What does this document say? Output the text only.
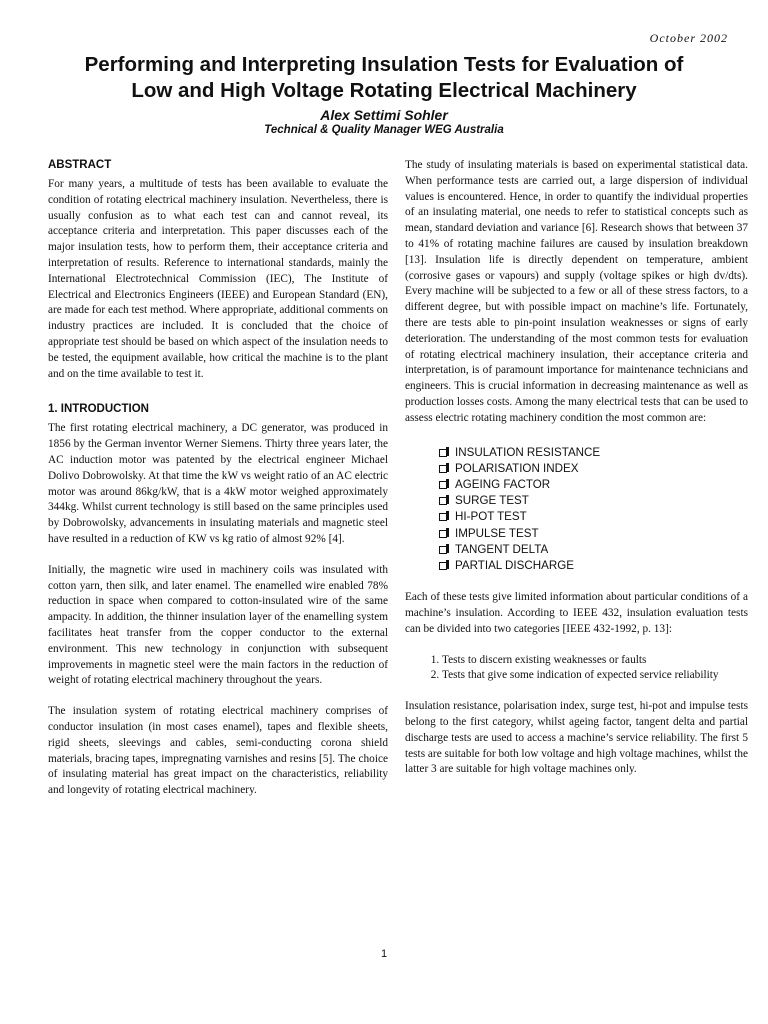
October 2002
Performing and Interpreting Insulation Tests for Evaluation of
Low and High Voltage Rotating Electrical Machinery
Alex Settimi Sohler
Technical & Quality Manager WEG Australia
ABSTRACT

For many years, a multitude of tests has been available to evaluate the condition of rotating electrical machinery insulation. Nevertheless, there is usually confusion as to what each test can and cannot reveal, its acceptance criteria and interpretation. This paper discusses each of the major insulation tests, how to perform them, their acceptance criteria and interpretation of results. Reference to international standards, mainly the International Electrotechnical Commission (IEC), The Institute of Electrical and Electronics Engineers (IEEE) and European Standard (EN), are made for each test method. Where appropriate, additional comments on industry practices are included. It is concluded that the choice of appropriate test should be based on which aspect of the insulation needs to be tested, the equipment available, how critical the machine is to the plant and on the time available to test it.

1. INTRODUCTION

The first rotating electrical machinery, a DC generator, was produced in 1856 by the German inventor Werner Siemens. Thirty three years later, the AC induction motor was patented by the electrical engineer Michael Dolivo Dobrowolsky. At that time the kW vs weight ratio of an AC electric motor was around 86kg/kW, that is a 4kW motor weighed approximately 344kg. Whilst current technology is still based on the same principles used by Dobrowolsky, advancements in insulating materials and magnetic steel have resulted in a reduction of KW vs kg ratio of almost 92% [4].

Initially, the magnetic wire used in machinery coils was insulated with cotton yarn, then silk, and later enamel. The enamelled wire enabled 78% reduction in space when compared to cotton-insulated wire of the same ampacity. In addition, the thinner insulation layer of the enamelling system facilitates heat transfer from the copper conductor to the external environment. This new technology in conjunction with subsequent improvements in magnetic steel were the main factors in the reduction of weight of rotating electrical machinery throughout the years.

The insulation system of rotating electrical machinery comprises of conductor insulation (in most cases enamel), tapes and flexible sheets, rigid sheets, sleevings and cables, semi-conducting corona shield materials, bracing tapes, impregnating varnishes and resins [5]. The choice of insulating material has great impact on the characteristics, reliability and longevity of rotating electrical machinery.

The study of insulating materials is based on experimental statistical data. When performance tests are carried out, a large dispersion of individual values is encountered. Hence, in order to quantify the individual properties of an insulating material, one needs to refer to statistical concepts such as mean, standard deviation and variance [6]. Research shows that between 37 to 41% of rotating machine failures are caused by insulation breakdown [13]. Insulation life is directly dependent on temperature, ambient (corrosive gases or vapours) and supply (voltage spikes or high dv/dts). Every machine will be subjected to a few or all of these stress factors, to a different degree, but with possible impact on machine’s life. Fortunately, there are tests able to pin-point insulation weaknesses or signs of early deterioration. The understanding of the most common tests for evaluation of rotating electrical machinery insulation, their acceptance criteria and interpretation, is of paramount importance for maintenance technicians and engineers. This is crucial information in decreasing maintenance as well as production losses costs. Among the many electrical tests that can be used to assess electric rotating machinery condition the most common are:

INSULATION RESISTANCE
POLARISATION INDEX
AGEING FACTOR
SURGE TEST
HI-POT TEST
IMPULSE TEST
TANGENT DELTA
PARTIAL DISCHARGE

Each of these tests give limited information about particular conditions of a machine’s insulation. According to IEEE 432, insulation evaluation tests can be divided into two categories [IEEE 432-1992, p. 13]:

1. Tests to discern existing weaknesses or faults
2. Tests that give some indication of expected service reliability

Insulation resistance, polarisation index, surge test, hi-pot and impulse tests belong to the first category, whilst ageing factor, tangent delta and partial discharge tests are used to access a machine’s service reliability. The first 5 tests are suitable for both low voltage and high voltage machines, whilst the latter 3 are suitable for high voltage machines only.

1
